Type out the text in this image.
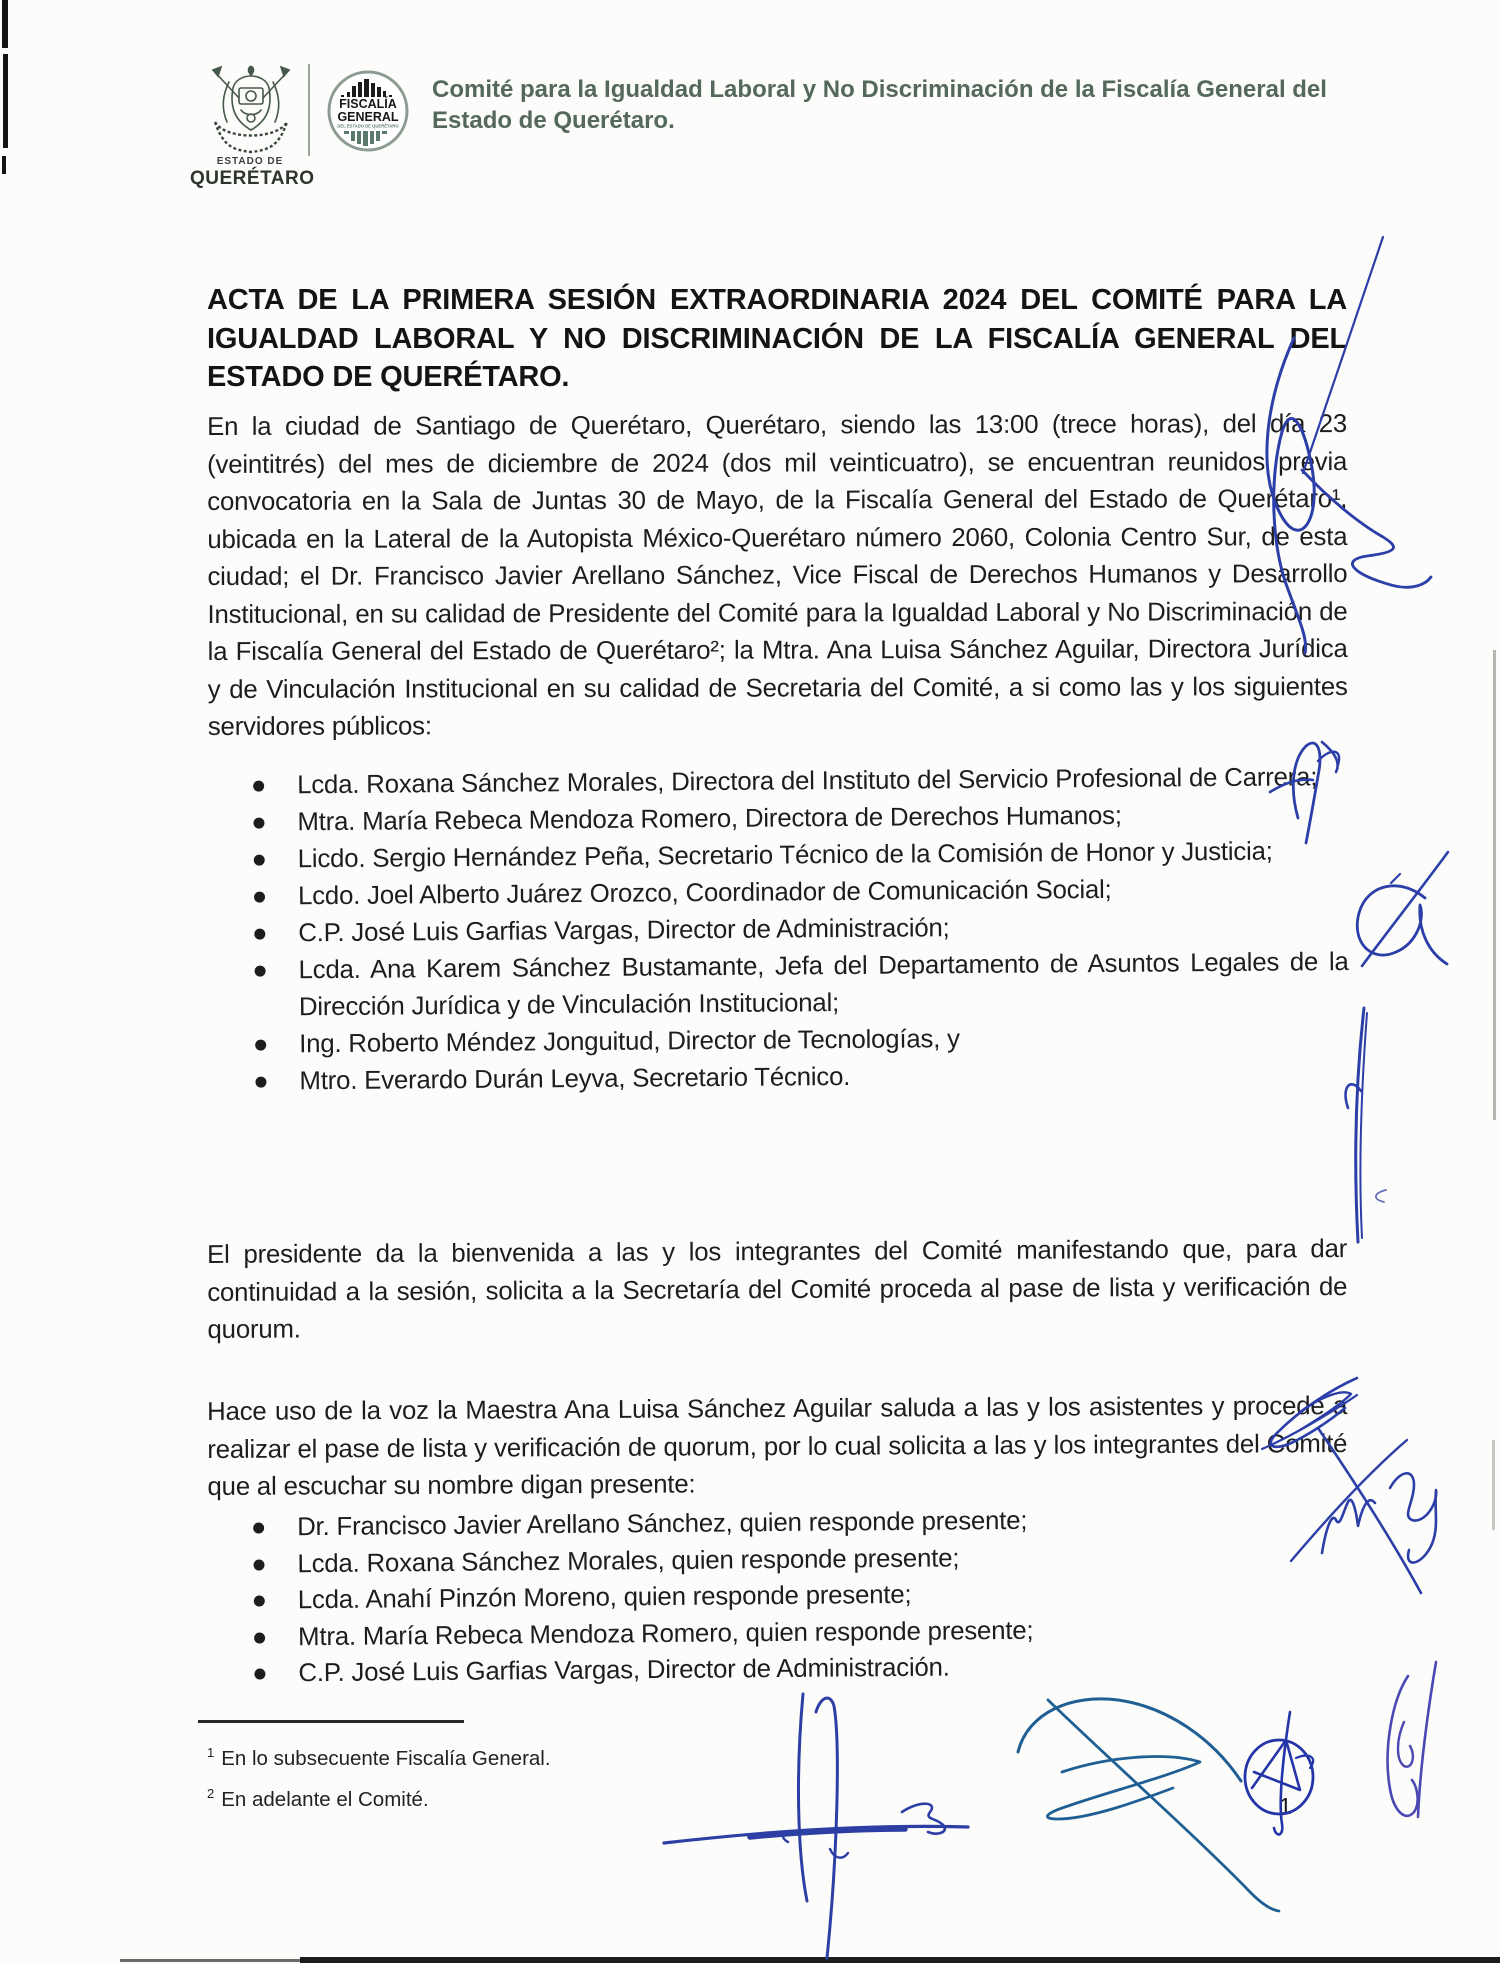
ESTADO DE
QUERÉTARO
FISCALÍA
GENERAL
DEL ESTADO DE QUERÉTARO
Comité para la Igualdad Laboral y No Discriminación de la Fiscalía General del Estado de Querétaro.
ACTA DE LA PRIMERA SESIÓN EXTRAORDINARIA 2024 DEL COMITÉ PARA LA IGUALDAD LABORAL Y NO DISCRIMINACIÓN DE LA FISCALÍA GENERAL DEL ESTADO DE QUERÉTARO.
En la ciudad de Santiago de Querétaro, Querétaro, siendo las 13:00 (trece horas), del día 23 (veintitrés) del mes de diciembre de 2024 (dos mil veinticuatro), se encuentran reunidos previa convocatoria en la Sala de Juntas 30 de Mayo, de la Fiscalía General del Estado de Querétaro¹, ubicada en la Lateral de la Autopista México-Querétaro número 2060, Colonia Centro Sur, de esta ciudad; el Dr. Francisco Javier Arellano Sánchez, Vice Fiscal de Derechos Humanos y Desarrollo Institucional, en su calidad de Presidente del Comité para la Igualdad Laboral y No Discriminación de la Fiscalía General del Estado de Querétaro²; la Mtra. Ana Luisa Sánchez Aguilar, Directora Jurídica y de Vinculación Institucional en su calidad de Secretaria del Comité, a si como las y los siguientes servidores públicos:
Lcda. Roxana Sánchez Morales, Directora del Instituto del Servicio Profesional de Carrera;
Mtra. María Rebeca Mendoza Romero, Directora de Derechos Humanos;
Licdo. Sergio Hernández Peña, Secretario Técnico de la Comisión de Honor y Justicia;
Lcdo. Joel Alberto Juárez Orozco, Coordinador de Comunicación Social;
C.P. José Luis Garfias Vargas, Director de Administración;
Lcda. Ana Karem Sánchez Bustamante, Jefa del Departamento de Asuntos Legales de la Dirección Jurídica y de Vinculación Institucional;
Ing. Roberto Méndez Jonguitud, Director de Tecnologías, y
Mtro. Everardo Durán Leyva, Secretario Técnico.
El presidente da la bienvenida a las y los integrantes del Comité manifestando que, para dar continuidad a la sesión, solicita a la Secretaría del Comité proceda al pase de lista y verificación de quorum.
Hace uso de la voz la Maestra Ana Luisa Sánchez Aguilar saluda a las y los asistentes y procede a realizar el pase de lista y verificación de quorum, por lo cual solicita a las y los integrantes del Comité que al escuchar su nombre digan presente:
Dr. Francisco Javier Arellano Sánchez, quien responde presente;
Lcda. Roxana Sánchez Morales, quien responde presente;
Lcda. Anahí Pinzón Moreno, quien responde presente;
Mtra. María Rebeca Mendoza Romero, quien responde presente;
C.P. José Luis Garfias Vargas, Director de Administración.
$^1$ En lo subsecuente Fiscalía General.
$^2$ En adelante el Comité.	1
